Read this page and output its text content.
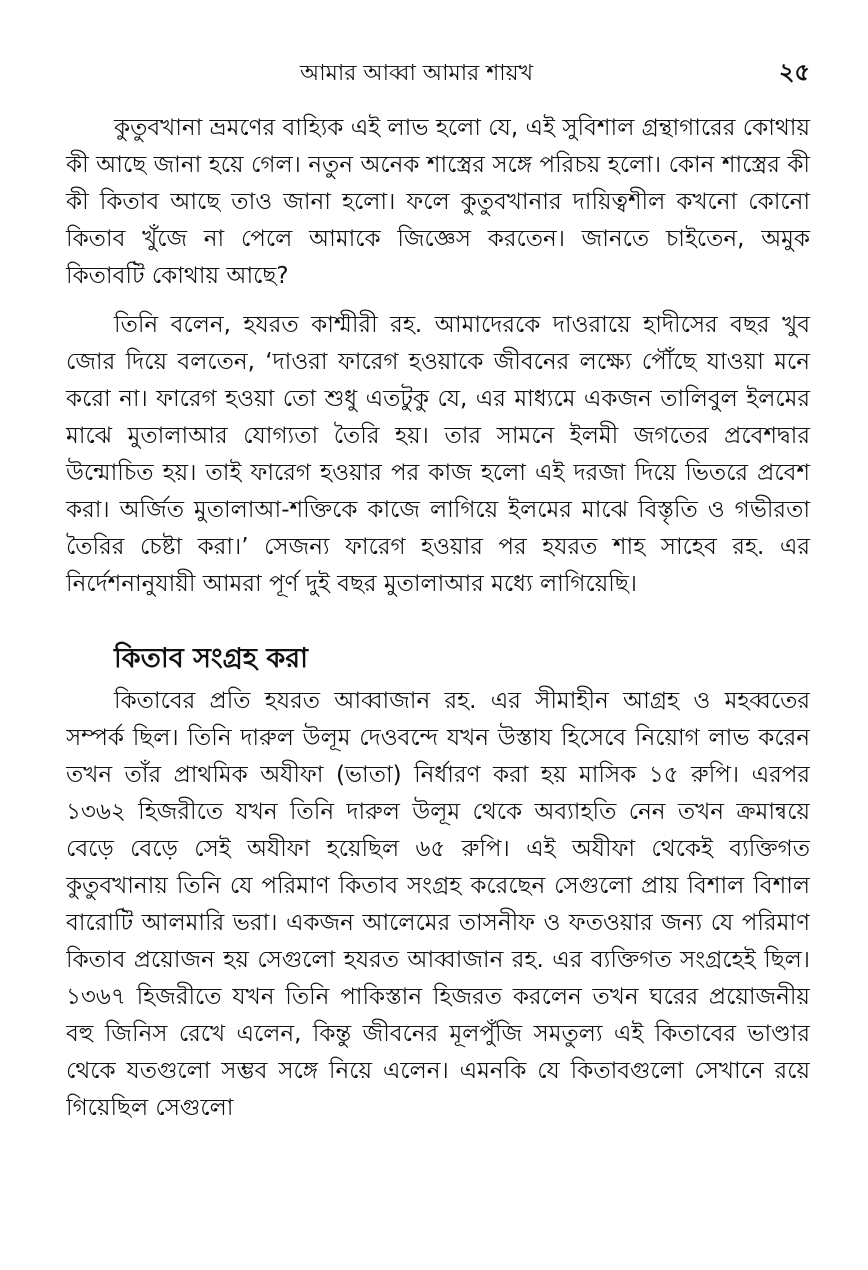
আমার আব্বা আমার শায়খ	২৫

কুতুবখানা ভ্রমণের বাহ্যিক এই লাভ হলো যে, এই সুবিশাল গ্রন্থাগারের কোথায় কী আছে জানা হয়ে গেল। নতুন অনেক শাস্ত্রের সঙ্গে পরিচয় হলো। কোন শাস্ত্রের কী কী কিতাব আছে তাও জানা হলো। ফলে কুতুবখানার দায়িত্বশীল কখনো কোনো কিতাব খুঁজে না পেলে আমাকে জিজ্ঞেস করতেন। জানতে চাইতেন, অমুক কিতাবটি কোথায় আছে?

তিনি বলেন, হযরত কাশ্মীরী রহ. আমাদেরকে দাওরায়ে হাদীসের বছর খুব জোর দিয়ে বলতেন, ‘দাওরা ফারেগ হওয়াকে জীবনের লক্ষ্যে পৌঁছে যাওয়া মনে করো না। ফারেগ হওয়া তো শুধু এতটুকু যে, এর মাধ্যমে একজন তালিবুল ইলমের মাঝে মুতালাআর যোগ্যতা তৈরি হয়। তার সামনে ইলমী জগতের প্রবেশদ্বার উন্মোচিত হয়। তাই ফারেগ হওয়ার পর কাজ হলো এই দরজা দিয়ে ভিতরে প্রবেশ করা। অর্জিত মুতালাআ-শক্তিকে কাজে লাগিয়ে ইলমের মাঝে বিস্তৃতি ও গভীরতা তৈরির চেষ্টা করা।’ সেজন্য ফারেগ হওয়ার পর হযরত শাহ সাহেব রহ. এর নির্দেশনানুযায়ী আমরা পূর্ণ দুই বছর মুতালাআর মধ্যে লাগিয়েছি।

কিতাব সংগ্রহ করা

কিতাবের প্রতি হযরত আব্বাজান রহ. এর সীমাহীন আগ্রহ ও মহব্বতের সম্পর্ক ছিল। তিনি দারুল উলূম দেওবন্দে যখন উস্তায হিসেবে নিয়োগ লাভ করেন তখন তাঁর প্রাথমিক অযীফা (ভাতা) নির্ধারণ করা হয় মাসিক ১৫ রুপি। এরপর ১৩৬২ হিজরীতে যখন তিনি দারুল উলূম থেকে অব্যাহতি নেন তখন ক্রমান্বয়ে বেড়ে বেড়ে সেই অযীফা হয়েছিল ৬৫ রুপি। এই অযীফা থেকেই ব্যক্তিগত কুতুবখানায় তিনি যে পরিমাণ কিতাব সংগ্রহ করেছেন সেগুলো প্রায় বিশাল বিশাল বারোটি আলমারি ভরা। একজন আলেমের তাসনীফ ও ফতওয়ার জন্য যে পরিমাণ কিতাব প্রয়োজন হয় সেগুলো হযরত আব্বাজান রহ. এর ব্যক্তিগত সংগ্রহেই ছিল। ১৩৬৭ হিজরীতে যখন তিনি পাকিস্তান হিজরত করলেন তখন ঘরের প্রয়োজনীয় বহু জিনিস রেখে এলেন, কিন্তু জীবনের মূলপুঁজি সমতুল্য এই কিতাবের ভাণ্ডার থেকে যতগুলো সম্ভব সঙ্গে নিয়ে এলেন। এমনকি যে কিতাবগুলো সেখানে রয়ে গিয়েছিল সেগুলো
